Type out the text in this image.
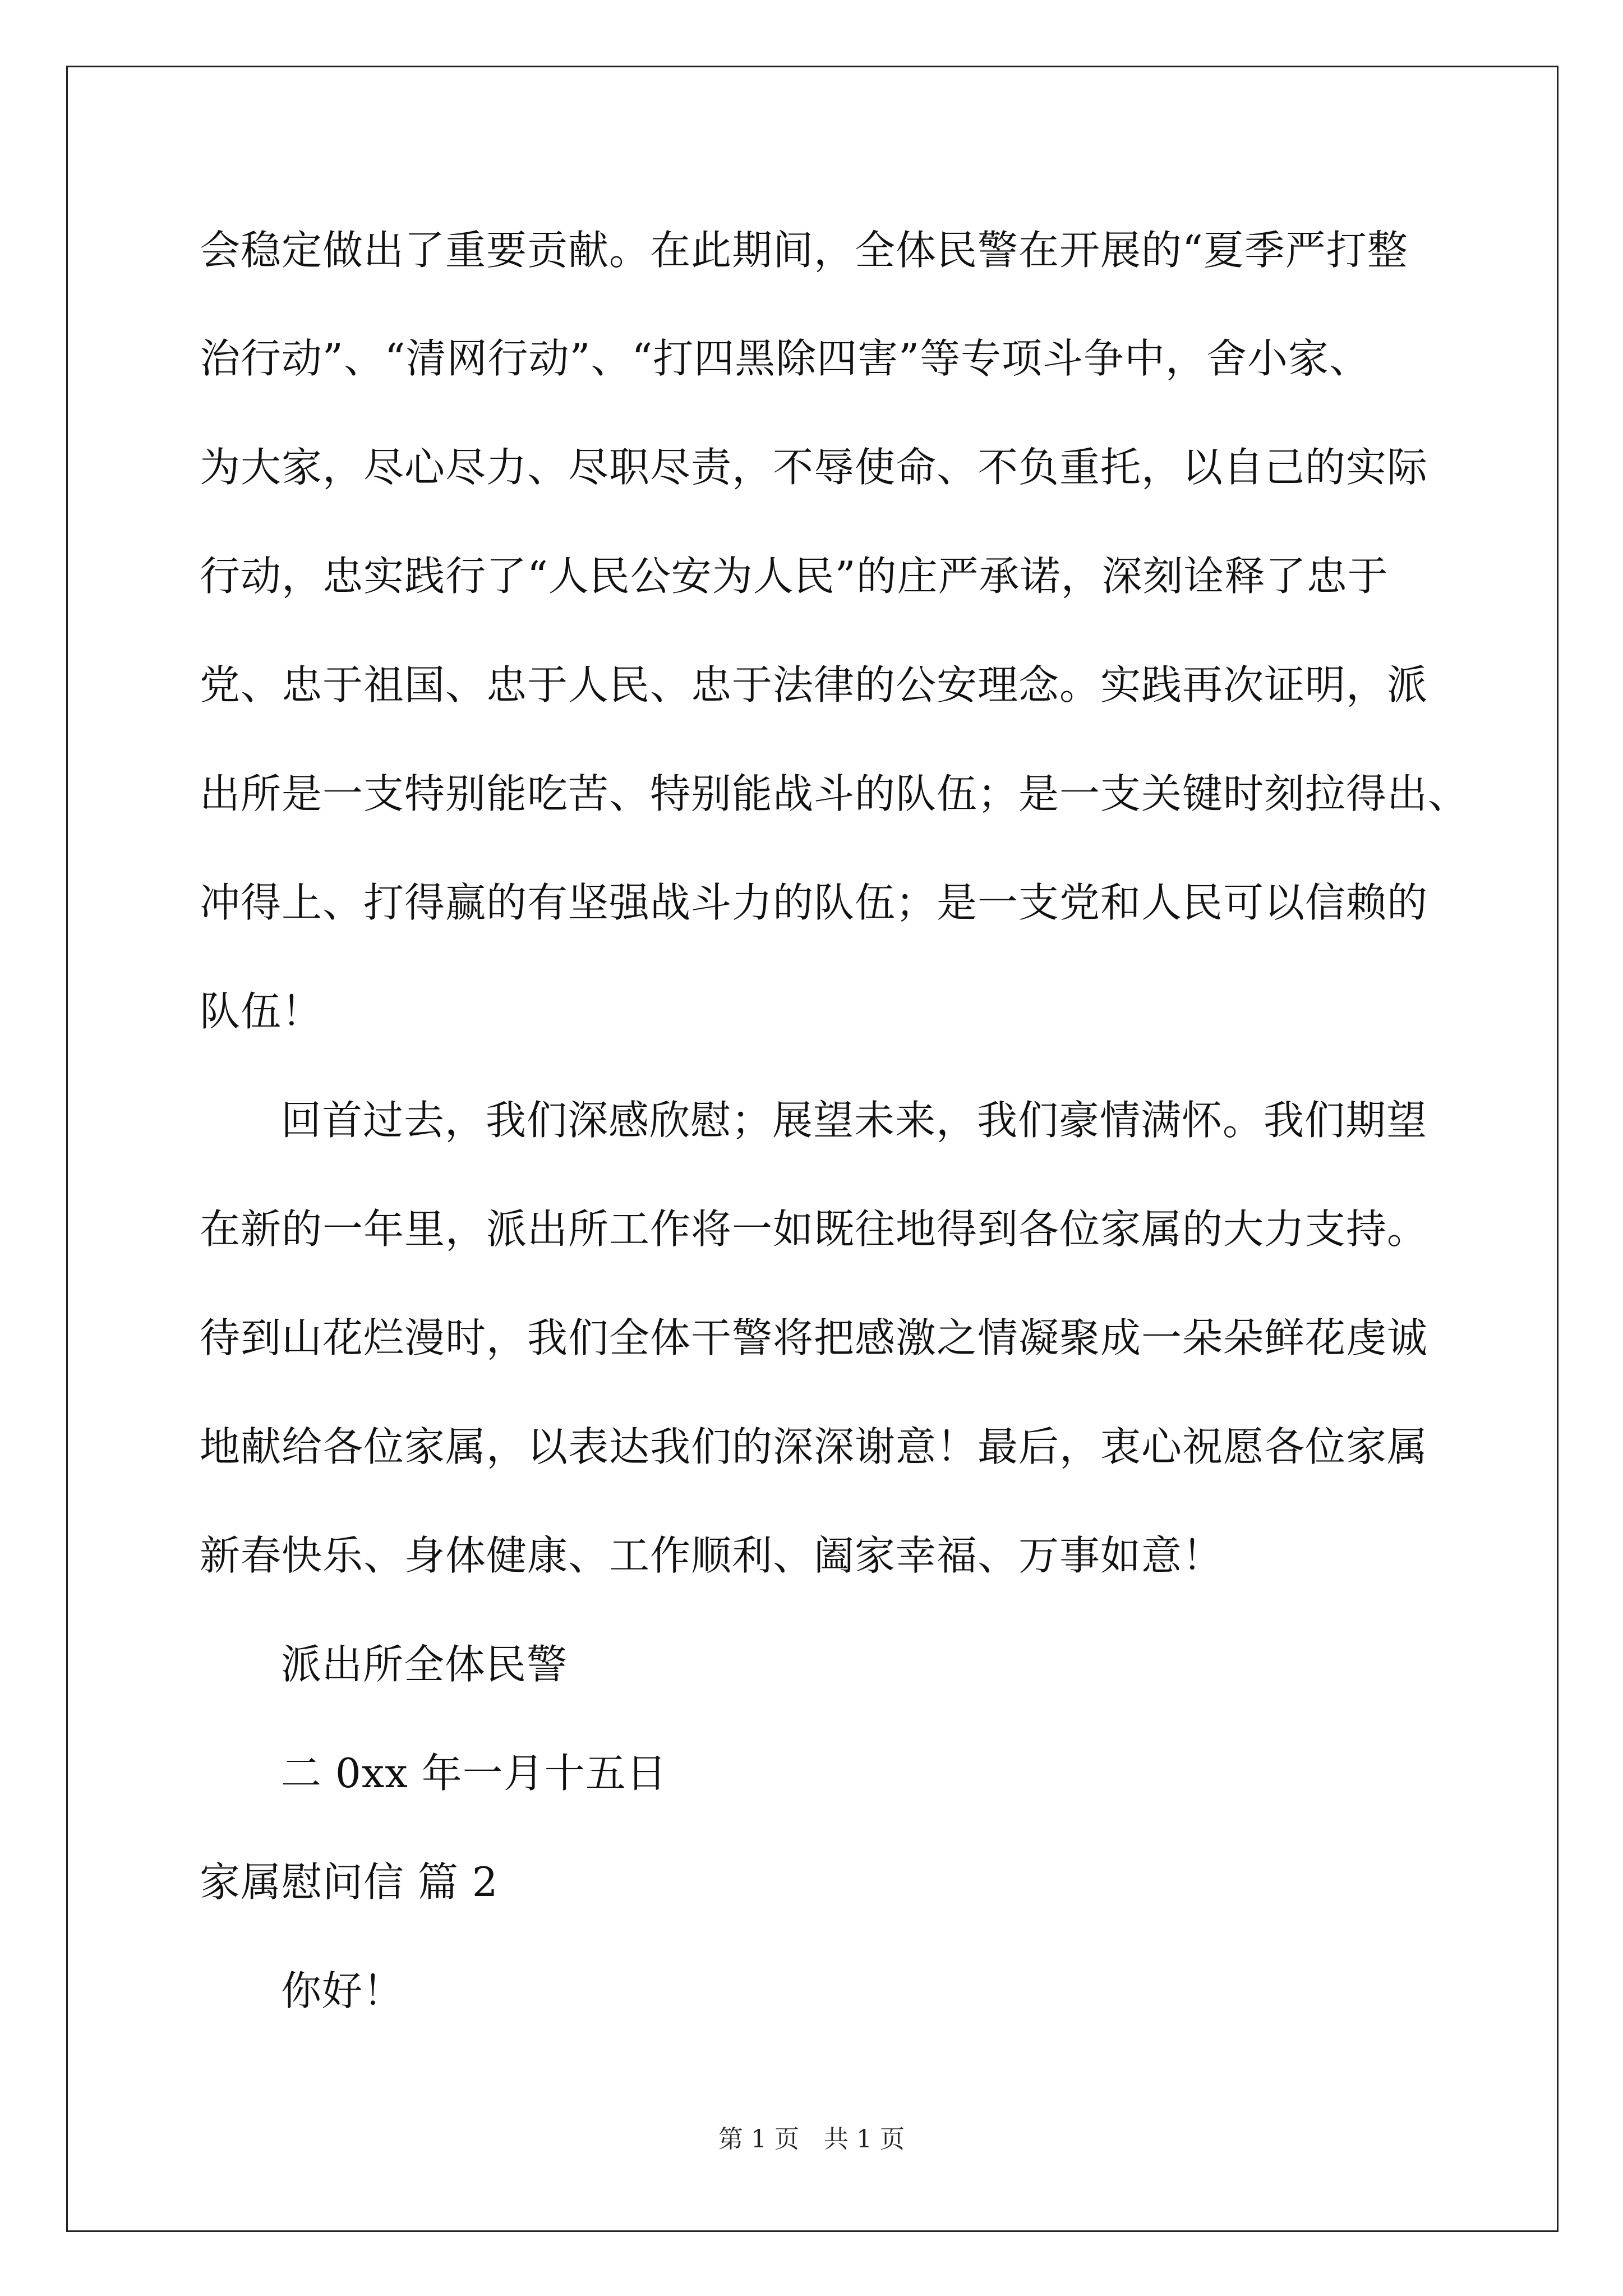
会稳定做出了重要贡献。在此期间，全体民警在开展的“夏季严打整
治行动”、“清网行动”、“打四黑除四害”等专项斗争中，舍小家、
为大家，尽心尽力、尽职尽责，不辱使命、不负重托，以自己的实际
行动，忠实践行了“人民公安为人民”的庄严承诺，深刻诠释了忠于
党、忠于祖国、忠于人民、忠于法律的公安理念。实践再次证明，派
出所是一支特别能吃苦、特别能战斗的队伍；是一支关键时刻拉得出、
冲得上、打得赢的有坚强战斗力的队伍；是一支党和人民可以信赖的
队伍！
回首过去，我们深感欣慰；展望未来，我们豪情满怀。我们期望
在新的一年里，派出所工作将一如既往地得到各位家属的大力支持。
待到山花烂漫时，我们全体干警将把感激之情凝聚成一朵朵鲜花虔诚
地献给各位家属，以表达我们的深深谢意！最后，衷心祝愿各位家属
新春快乐、身体健康、工作顺利、阖家幸福、万事如意！
派出所全体民警
二 0xx 年一月十五日
家属慰问信 篇 2
你好！
第 1 页　共 1 页
